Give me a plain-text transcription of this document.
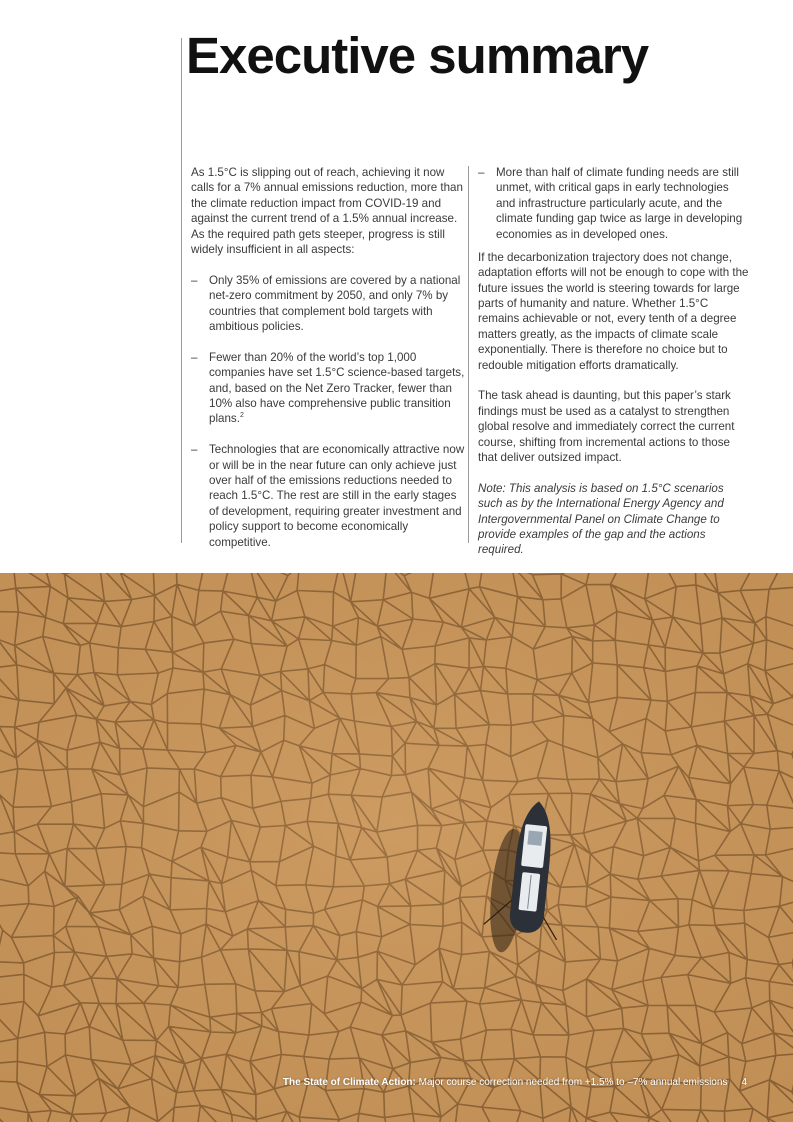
Executive summary

As 1.5°C is slipping out of reach, achieving it now calls for a 7% annual emissions reduction, more than the climate reduction impact from COVID-19 and against the current trend of a 1.5% annual increase. As the required path gets steeper, progress is still widely insufficient in all aspects:

– Only 35% of emissions are covered by a national net-zero commitment by 2050, and only 7% by countries that complement bold targets with ambitious policies.
– Fewer than 20% of the world’s top 1,000 companies have set 1.5°C science-based targets, and, based on the Net Zero Tracker, fewer than 10% also have comprehensive public transition plans.$^2$
– Technologies that are economically attractive now or will be in the near future can only achieve just over half of the emissions reductions needed to reach 1.5°C. The rest are still in the early stages of development, requiring greater investment and policy support to become economically competitive.
– More than half of climate funding needs are still unmet, with critical gaps in early technologies and infrastructure particularly acute, and the climate funding gap twice as large in developing economies as in developed ones.

If the decarbonization trajectory does not change, adaptation efforts will not be enough to cope with the future issues the world is steering towards for large parts of humanity and nature. Whether 1.5°C remains achievable or not, every tenth of a degree matters greatly, as the impacts of climate scale exponentially. There is therefore no choice but to redouble mitigation efforts dramatically.

The task ahead is daunting, but this paper’s stark findings must be used as a catalyst to strengthen global resolve and immediately correct the current course, shifting from incremental actions to those that deliver outsized impact.

Note: This analysis is based on 1.5°C scenarios such as by the International Energy Agency and Intergovernmental Panel on Climate Change to provide examples of the gap and the actions required.

The State of Climate Action: Major course correction needed from +1.5% to –7% annual emissions 4
